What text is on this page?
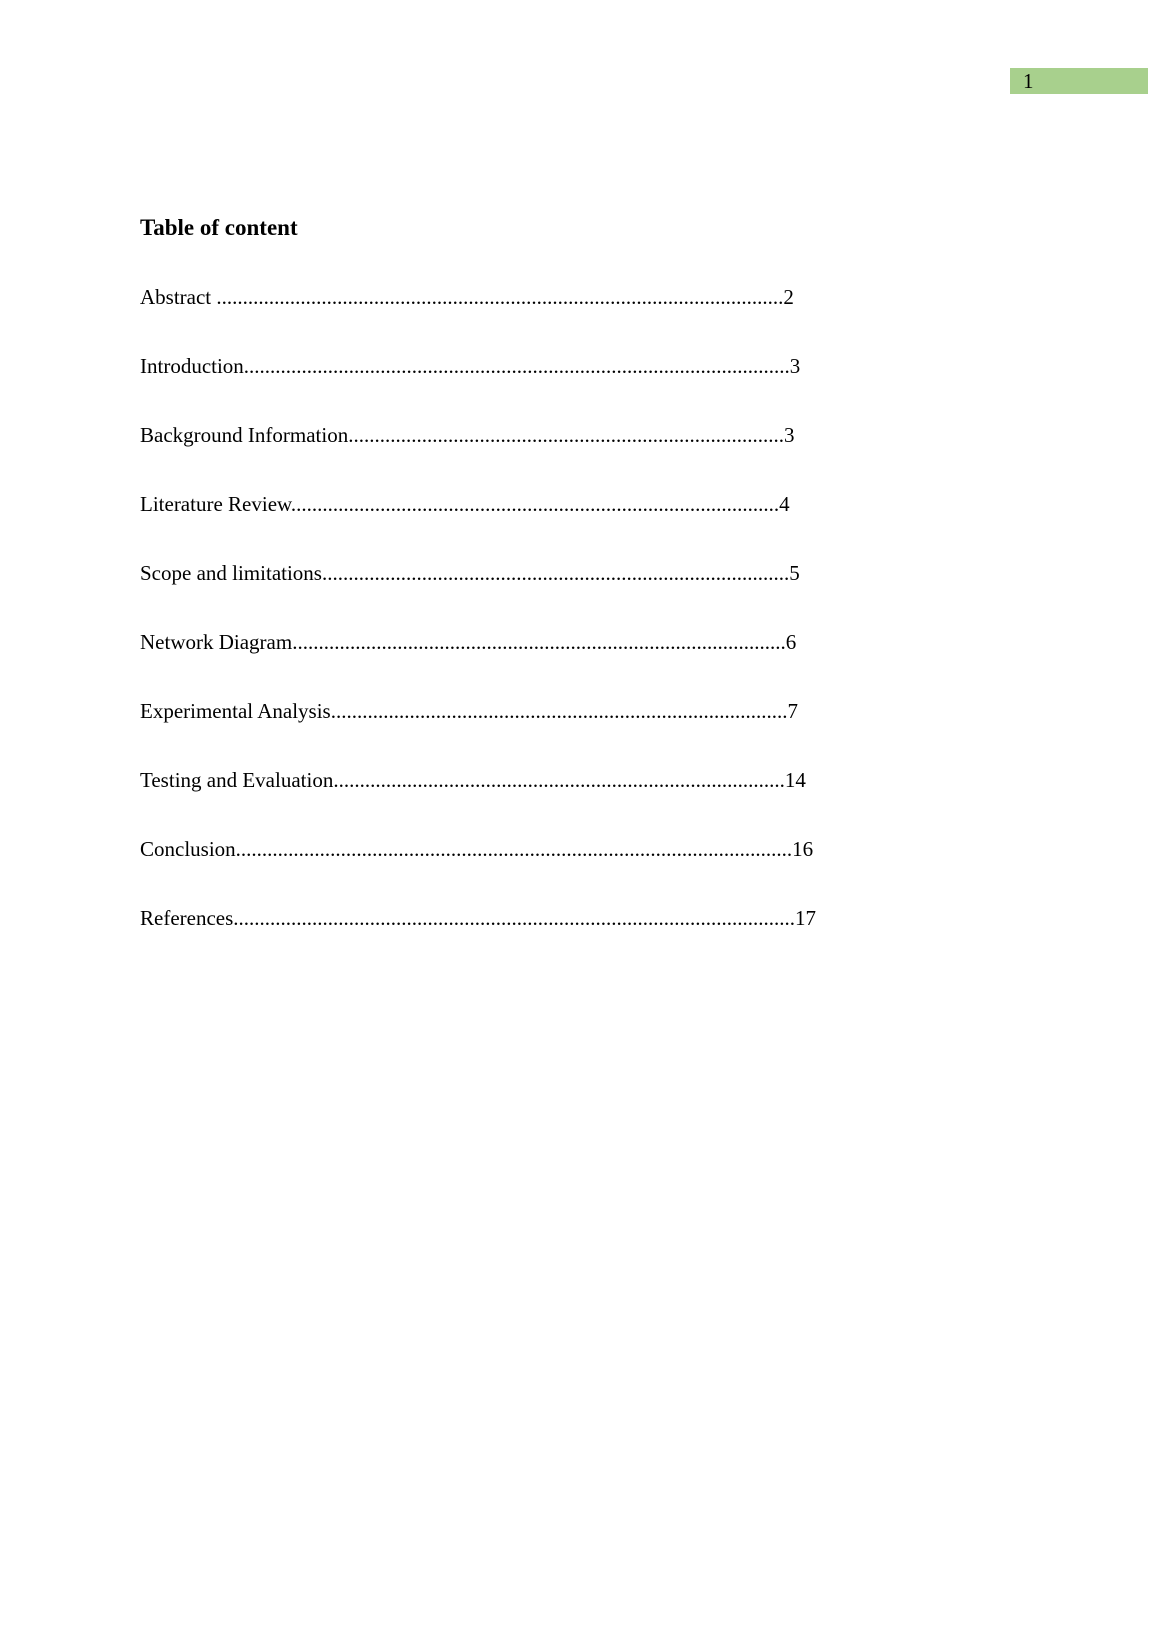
1
Table of content
Abstract ............................................................................................................2
Introduction........................................................................................................3
Background Information...................................................................................3
Literature Review.............................................................................................4
Scope and limitations.........................................................................................5
Network Diagram..............................................................................................6
Experimental Analysis.......................................................................................7
Testing and Evaluation......................................................................................14
Conclusion..........................................................................................................16
References...........................................................................................................17
